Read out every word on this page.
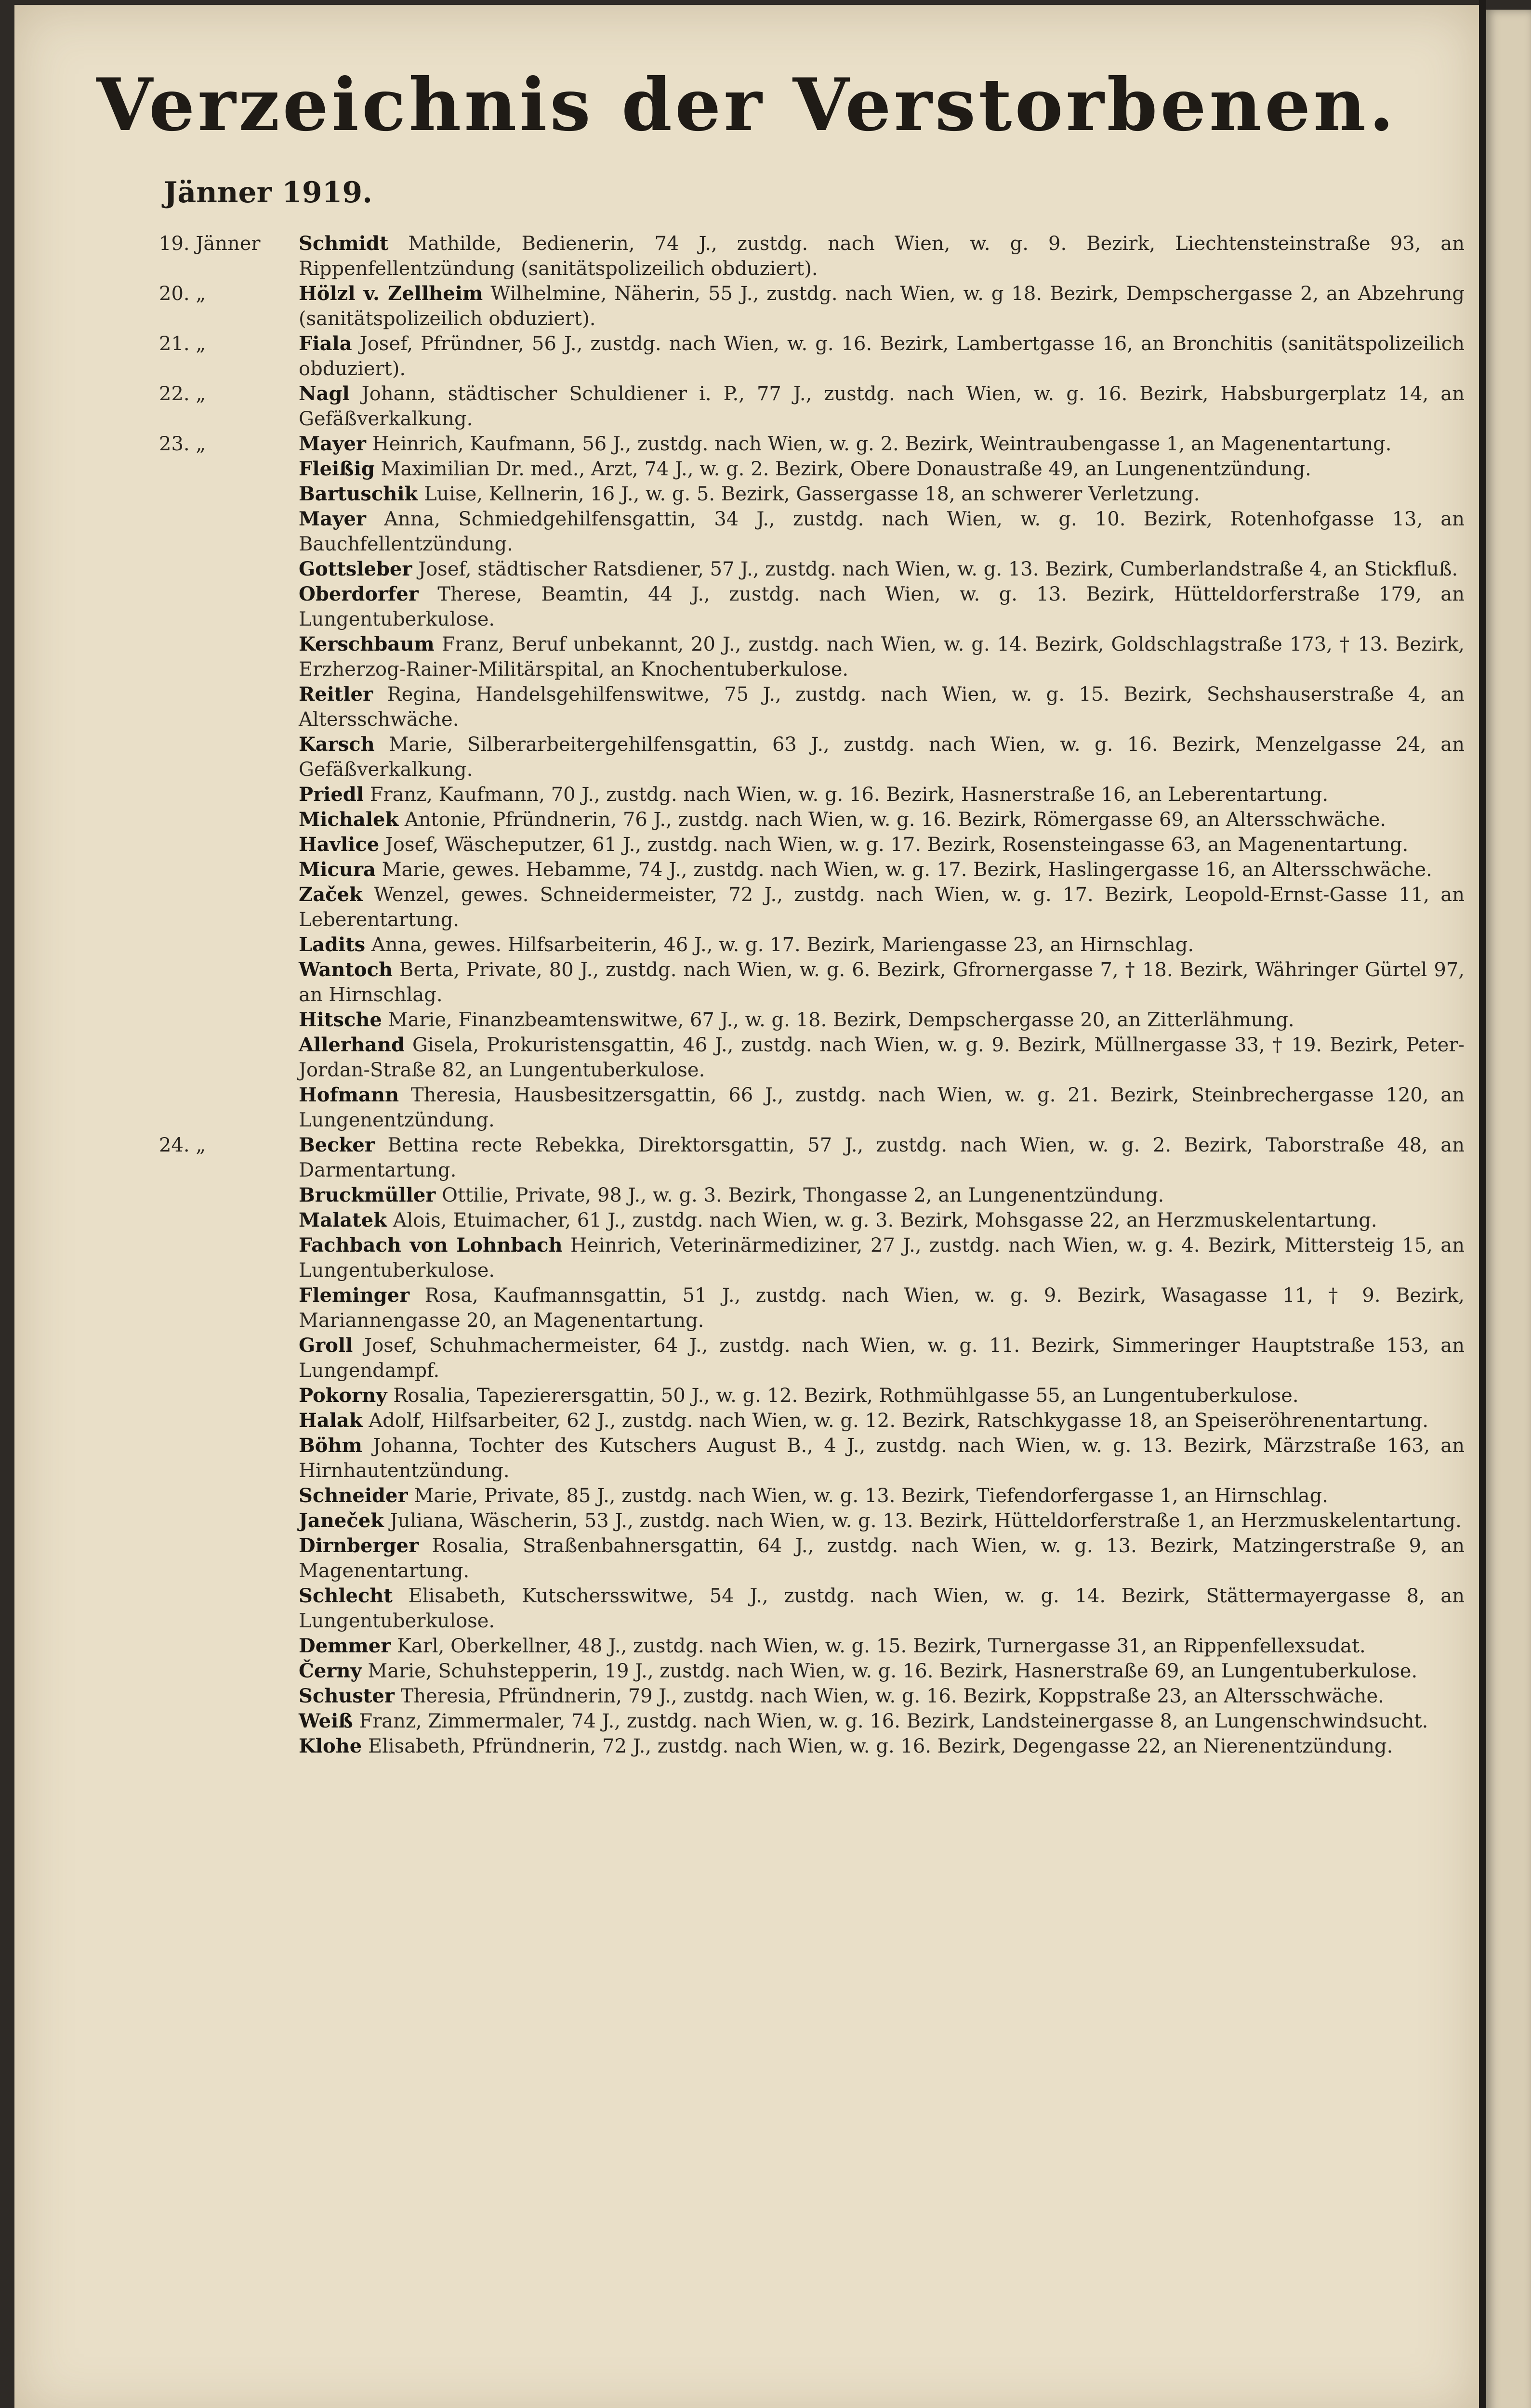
Verzeichnis der Verstorbenen.
Jänner 1919.
19. Jänner Schmidt Mathilde, Bedienerin, 74 J., zustdg. nach Wien, w. g. 9. Bezirk, Liechtensteinstraße 93, an Rippenfellentzündung (sanitätspolizeilich obduziert).
20. „	Hölzl v. Zellheim Wilhelmine, Näherin, 55 J., zustdg. nach Wien, w. g 18. Bezirk, Dempschergasse 2, an Abzehrung (sanitätspolizeilich obduziert).
21. „	Fiala Josef, Pfründner, 56 J., zustdg. nach Wien, w. g. 16. Bezirk, Lambertgasse 16, an Bronchitis (sanitätspolizeilich obduziert).
22. „	Nagl Johann, städtischer Schuldiener i. P., 77 J., zustdg. nach Wien, w. g. 16. Bezirk, Habsburgerplatz 14, an Gefäßverkalkung.
23. „	Mayer Heinrich, Kaufmann, 56 J., zustdg. nach Wien, w. g. 2. Bezirk, Weintraubengasse 1, an Magenentartung.
Fleißig Maximilian Dr. med., Arzt, 74 J., w. g. 2. Bezirk, Obere Donaustraße 49, an Lungenentzündung.
Bartuschik Luise, Kellnerin, 16 J., w. g. 5. Bezirk, Gassergasse 18, an schwerer Verletzung.
Mayer Anna, Schmiedgehilfensgattin, 34 J., zustdg. nach Wien, w. g. 10. Bezirk, Rotenhofgasse 13, an Bauchfellentzündung.
Gottsleber Josef, städtischer Ratsdiener, 57 J., zustdg. nach Wien, w. g. 13. Bezirk, Cumberlandstraße 4, an Stickfluß.
Oberdorfer Therese, Beamtin, 44 J., zustdg. nach Wien, w. g. 13. Bezirk, Hütteldorferstraße 179, an Lungentuberkulose.
Kerschbaum Franz, Beruf unbekannt, 20 J., zustdg. nach Wien, w. g. 14. Bezirk, Goldschlagstraße 173, † 13. Bezirk, Erzherzog-Rainer-Militärspital, an Knochentuberkulose.
Reitler Regina, Handelsgehilfenswitwe, 75 J., zustdg. nach Wien, w. g. 15. Bezirk, Sechshauserstraße 4, an Altersschwäche.
Karsch Marie, Silberarbeitergehilfensgattin, 63 J., zustdg. nach Wien, w. g. 16. Bezirk, Menzelgasse 24, an Gefäßverkalkung.
Priedl Franz, Kaufmann, 70 J., zustdg. nach Wien, w. g. 16. Bezirk, Hasnerstraße 16, an Leberentartung.
Michalek Antonie, Pfründnerin, 76 J., zustdg. nach Wien, w. g. 16. Bezirk, Römergasse 69, an Altersschwäche.
Havlice Josef, Wäscheputzer, 61 J., zustdg. nach Wien, w. g. 17. Bezirk, Rosensteingasse 63, an Magenentartung.
Micura Marie, gewes. Hebamme, 74 J., zustdg. nach Wien, w. g. 17. Bezirk, Haslingergasse 16, an Altersschwäche.
Začek Wenzel, gewes. Schneidermeister, 72 J., zustdg. nach Wien, w. g. 17. Bezirk, Leopold-Ernst-Gasse 11, an Leberentartung.
Ladits Anna, gewes. Hilfsarbeiterin, 46 J., w. g. 17. Bezirk, Mariengasse 23, an Hirnschlag.
Wantoch Berta, Private, 80 J., zustdg. nach Wien, w. g. 6. Bezirk, Gfrornergasse 7, † 18. Bezirk, Währinger Gürtel 97, an Hirnschlag.
Hitsche Marie, Finanzbeamtenswitwe, 67 J., w. g. 18. Bezirk, Dempschergasse 20, an Zitterlähmung.
Allerhand Gisela, Prokuristensgattin, 46 J., zustdg. nach Wien, w. g. 9. Bezirk, Müllnergasse 33, † 19. Bezirk, Peter-Jordan-Straße 82, an Lungentuberkulose.
Hofmann Theresia, Hausbesitzersgattin, 66 J., zustdg. nach Wien, w. g. 21. Bezirk, Steinbrechergasse 120, an Lungenentzündung.
24. „	Becker Bettina recte Rebekka, Direktorsgattin, 57 J., zustdg. nach Wien, w. g. 2. Bezirk, Taborstraße 48, an Darmentartung.
Bruckmüller Ottilie, Private, 98 J., w. g. 3. Bezirk, Thongasse 2, an Lungenentzündung.
Malatek Alois, Etuimacher, 61 J., zustdg. nach Wien, w. g. 3. Bezirk, Mohsgasse 22, an Herzmuskelentartung.
Fachbach von Lohnbach Heinrich, Veterinärmediziner, 27 J., zustdg. nach Wien, w. g. 4. Bezirk, Mittersteig 15, an Lungentuberkulose.
Fleminger Rosa, Kaufmannsgattin, 51 J., zustdg. nach Wien, w. g. 9. Bezirk, Wasagasse 11, † 9. Bezirk, Mariannengasse 20, an Magenentartung.
Groll Josef, Schuhmachermeister, 64 J., zustdg. nach Wien, w. g. 11. Bezirk, Simmeringer Hauptstraße 153, an Lungendampf.
Pokorny Rosalia, Tapezierersgattin, 50 J., w. g. 12. Bezirk, Rothmühlgasse 55, an Lungentuberkulose.
Halak Adolf, Hilfsarbeiter, 62 J., zustdg. nach Wien, w. g. 12. Bezirk, Ratschkygasse 18, an Speiseröhrenentartung.
Böhm Johanna, Tochter des Kutschers August B., 4 J., zustdg. nach Wien, w. g. 13. Bezirk, Märzstraße 163, an Hirnhautentzündung.
Schneider Marie, Private, 85 J., zustdg. nach Wien, w. g. 13. Bezirk, Tiefendorfergasse 1, an Hirnschlag.
Janeček Juliana, Wäscherin, 53 J., zustdg. nach Wien, w. g. 13. Bezirk, Hütteldorferstraße 1, an Herzmuskelentartung.
Dirnberger Rosalia, Straßenbahnersgattin, 64 J., zustdg. nach Wien, w. g. 13. Bezirk, Matzingerstraße 9, an Magenentartung.
Schlecht Elisabeth, Kutschersswitwe, 54 J., zustdg. nach Wien, w. g. 14. Bezirk, Stättermayergasse 8, an Lungentuberkulose.
Demmer Karl, Oberkellner, 48 J., zustdg. nach Wien, w. g. 15. Bezirk, Turnergasse 31, an Rippenfellexsudat.
Černy Marie, Schuhstepperin, 19 J., zustdg. nach Wien, w. g. 16. Bezirk, Hasnerstraße 69, an Lungentuberkulose.
Schuster Theresia, Pfründnerin, 79 J., zustdg. nach Wien, w. g. 16. Bezirk, Koppstraße 23, an Altersschwäche.
Weiß Franz, Zimmermaler, 74 J., zustdg. nach Wien, w. g. 16. Bezirk, Landsteinergasse 8, an Lungenschwindsucht.
Klohe Elisabeth, Pfründnerin, 72 J., zustdg. nach Wien, w. g. 16. Bezirk, Degengasse 22, an Nierenentzündung.
